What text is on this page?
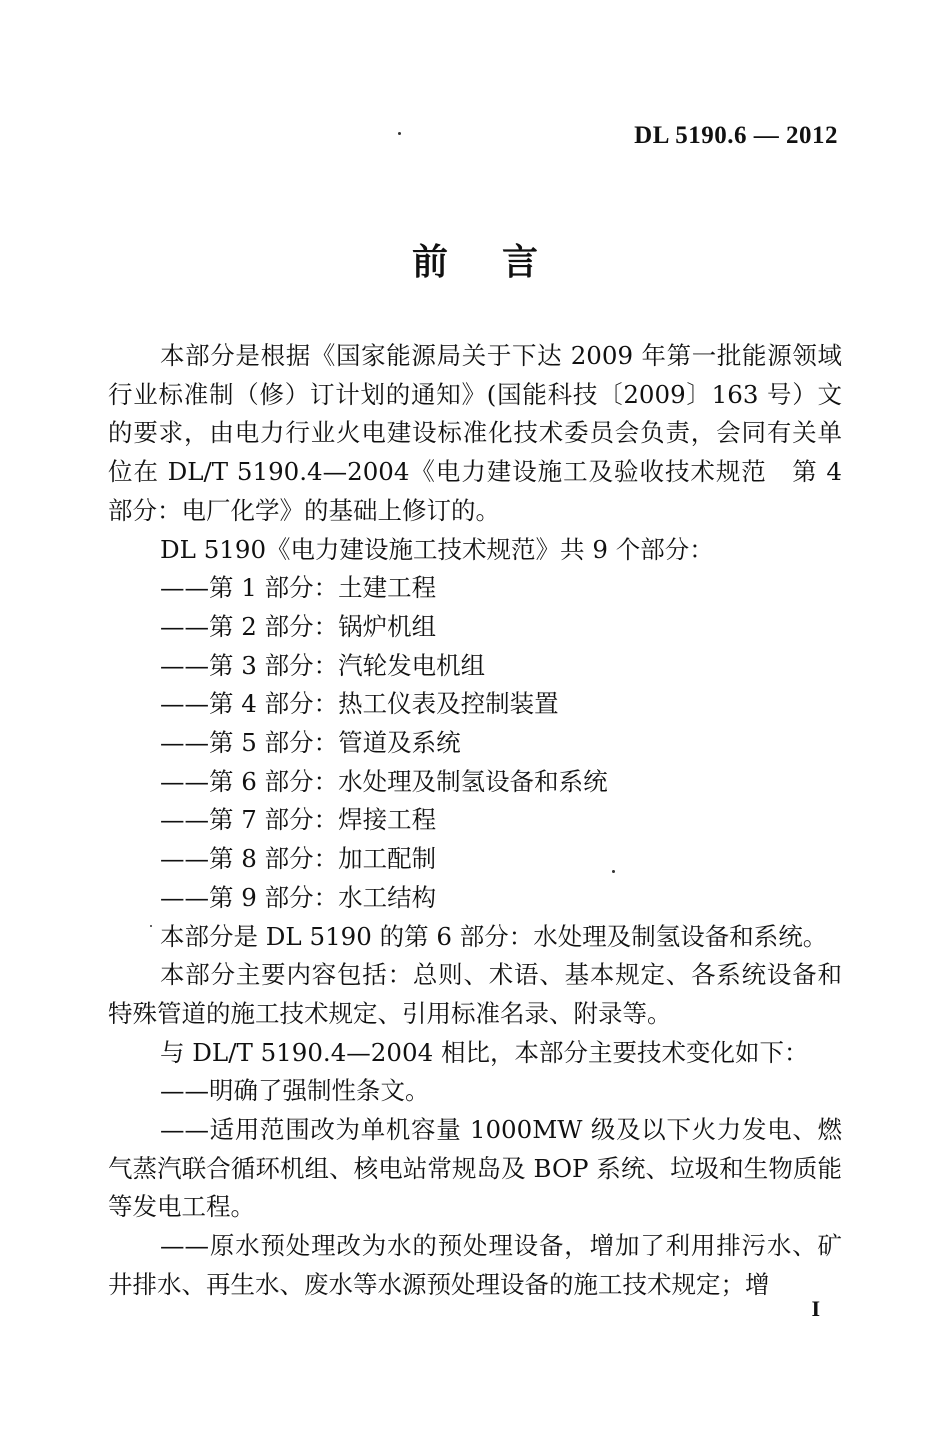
DL 5190.6 — 2012
前言

本部分是根据《国家能源局关于下达 2009 年第一批能源领域行业标准制（修）订计划的通知》(国能科技〔2009〕163 号）文的要求，由电力行业火电建设标准化技术委员会负责，会同有关单位在 DL/T 5190.4—2004《电力建设施工及验收技术规范　第 4 部分：电厂化学》的基础上修订的。

DL 5190《电力建设施工技术规范》共 9 个部分：

——第 1 部分：土建工程

——第 2 部分：锅炉机组

——第 3 部分：汽轮发电机组

——第 4 部分：热工仪表及控制装置

——第 5 部分：管道及系统

——第 6 部分：水处理及制氢设备和系统

——第 7 部分：焊接工程

——第 8 部分：加工配制

——第 9 部分：水工结构

本部分是 DL 5190 的第 6 部分：水处理及制氢设备和系统。

本部分主要内容包括：总则、术语、基本规定、各系统设备和特殊管道的施工技术规定、引用标准名录、附录等。

与 DL/T 5190.4—2004 相比，本部分主要技术变化如下：

——明确了强制性条文。

——适用范围改为单机容量 1000MW 级及以下火力发电、燃气蒸汽联合循环机组、核电站常规岛及 BOP 系统、垃圾和生物质能等发电工程。

——原水预处理改为水的预处理设备，增加了利用排污水、矿井排水、再生水、废水等水源预处理设备的施工技术规定；增

I
